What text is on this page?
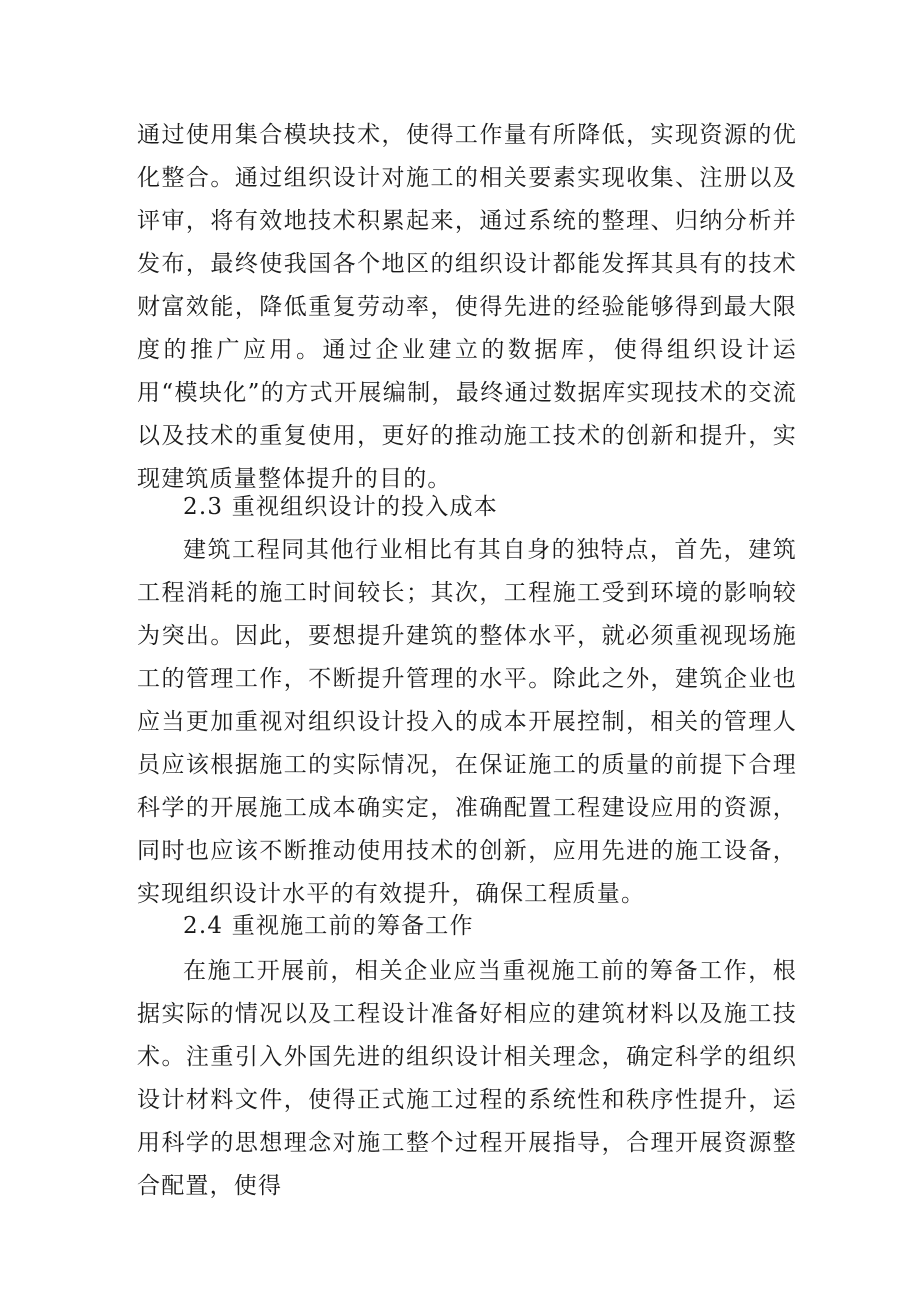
通过使用集合模块技术，使得工作量有所降低，实现资源的优化整合。通过组织设计对施工的相关要素实现收集、注册以及评审，将有效地技术积累起来，通过系统的整理、归纳分析并发布，最终使我国各个地区的组织设计都能发挥其具有的技术财富效能，降低重复劳动率，使得先进的经验能够得到最大限度的推广应用。通过企业建立的数据库，使得组织设计运用“模块化”的方式开展编制，最终通过数据库实现技术的交流以及技术的重复使用，更好的推动施工技术的创新和提升，实现建筑质量整体提升的目的。
2.3 重视组织设计的投入成本
建筑工程同其他行业相比有其自身的独特点，首先，建筑工程消耗的施工时间较长；其次，工程施工受到环境的影响较为突出。因此，要想提升建筑的整体水平，就必须重视现场施工的管理工作，不断提升管理的水平。除此之外，建筑企业也应当更加重视对组织设计投入的成本开展控制，相关的管理人员应该根据施工的实际情况，在保证施工的质量的前提下合理科学的开展施工成本确实定，准确配置工程建设应用的资源，同时也应该不断推动使用技术的创新，应用先进的施工设备，实现组织设计水平的有效提升，确保工程质量。
2.4 重视施工前的筹备工作
在施工开展前，相关企业应当重视施工前的筹备工作，根据实际的情况以及工程设计准备好相应的建筑材料以及施工技术。注重引入外国先进的组织设计相关理念，确定科学的组织设计材料文件，使得正式施工过程的系统性和秩序性提升，运用科学的思想理念对施工整个过程开展指导，合理开展资源整合配置，使得
